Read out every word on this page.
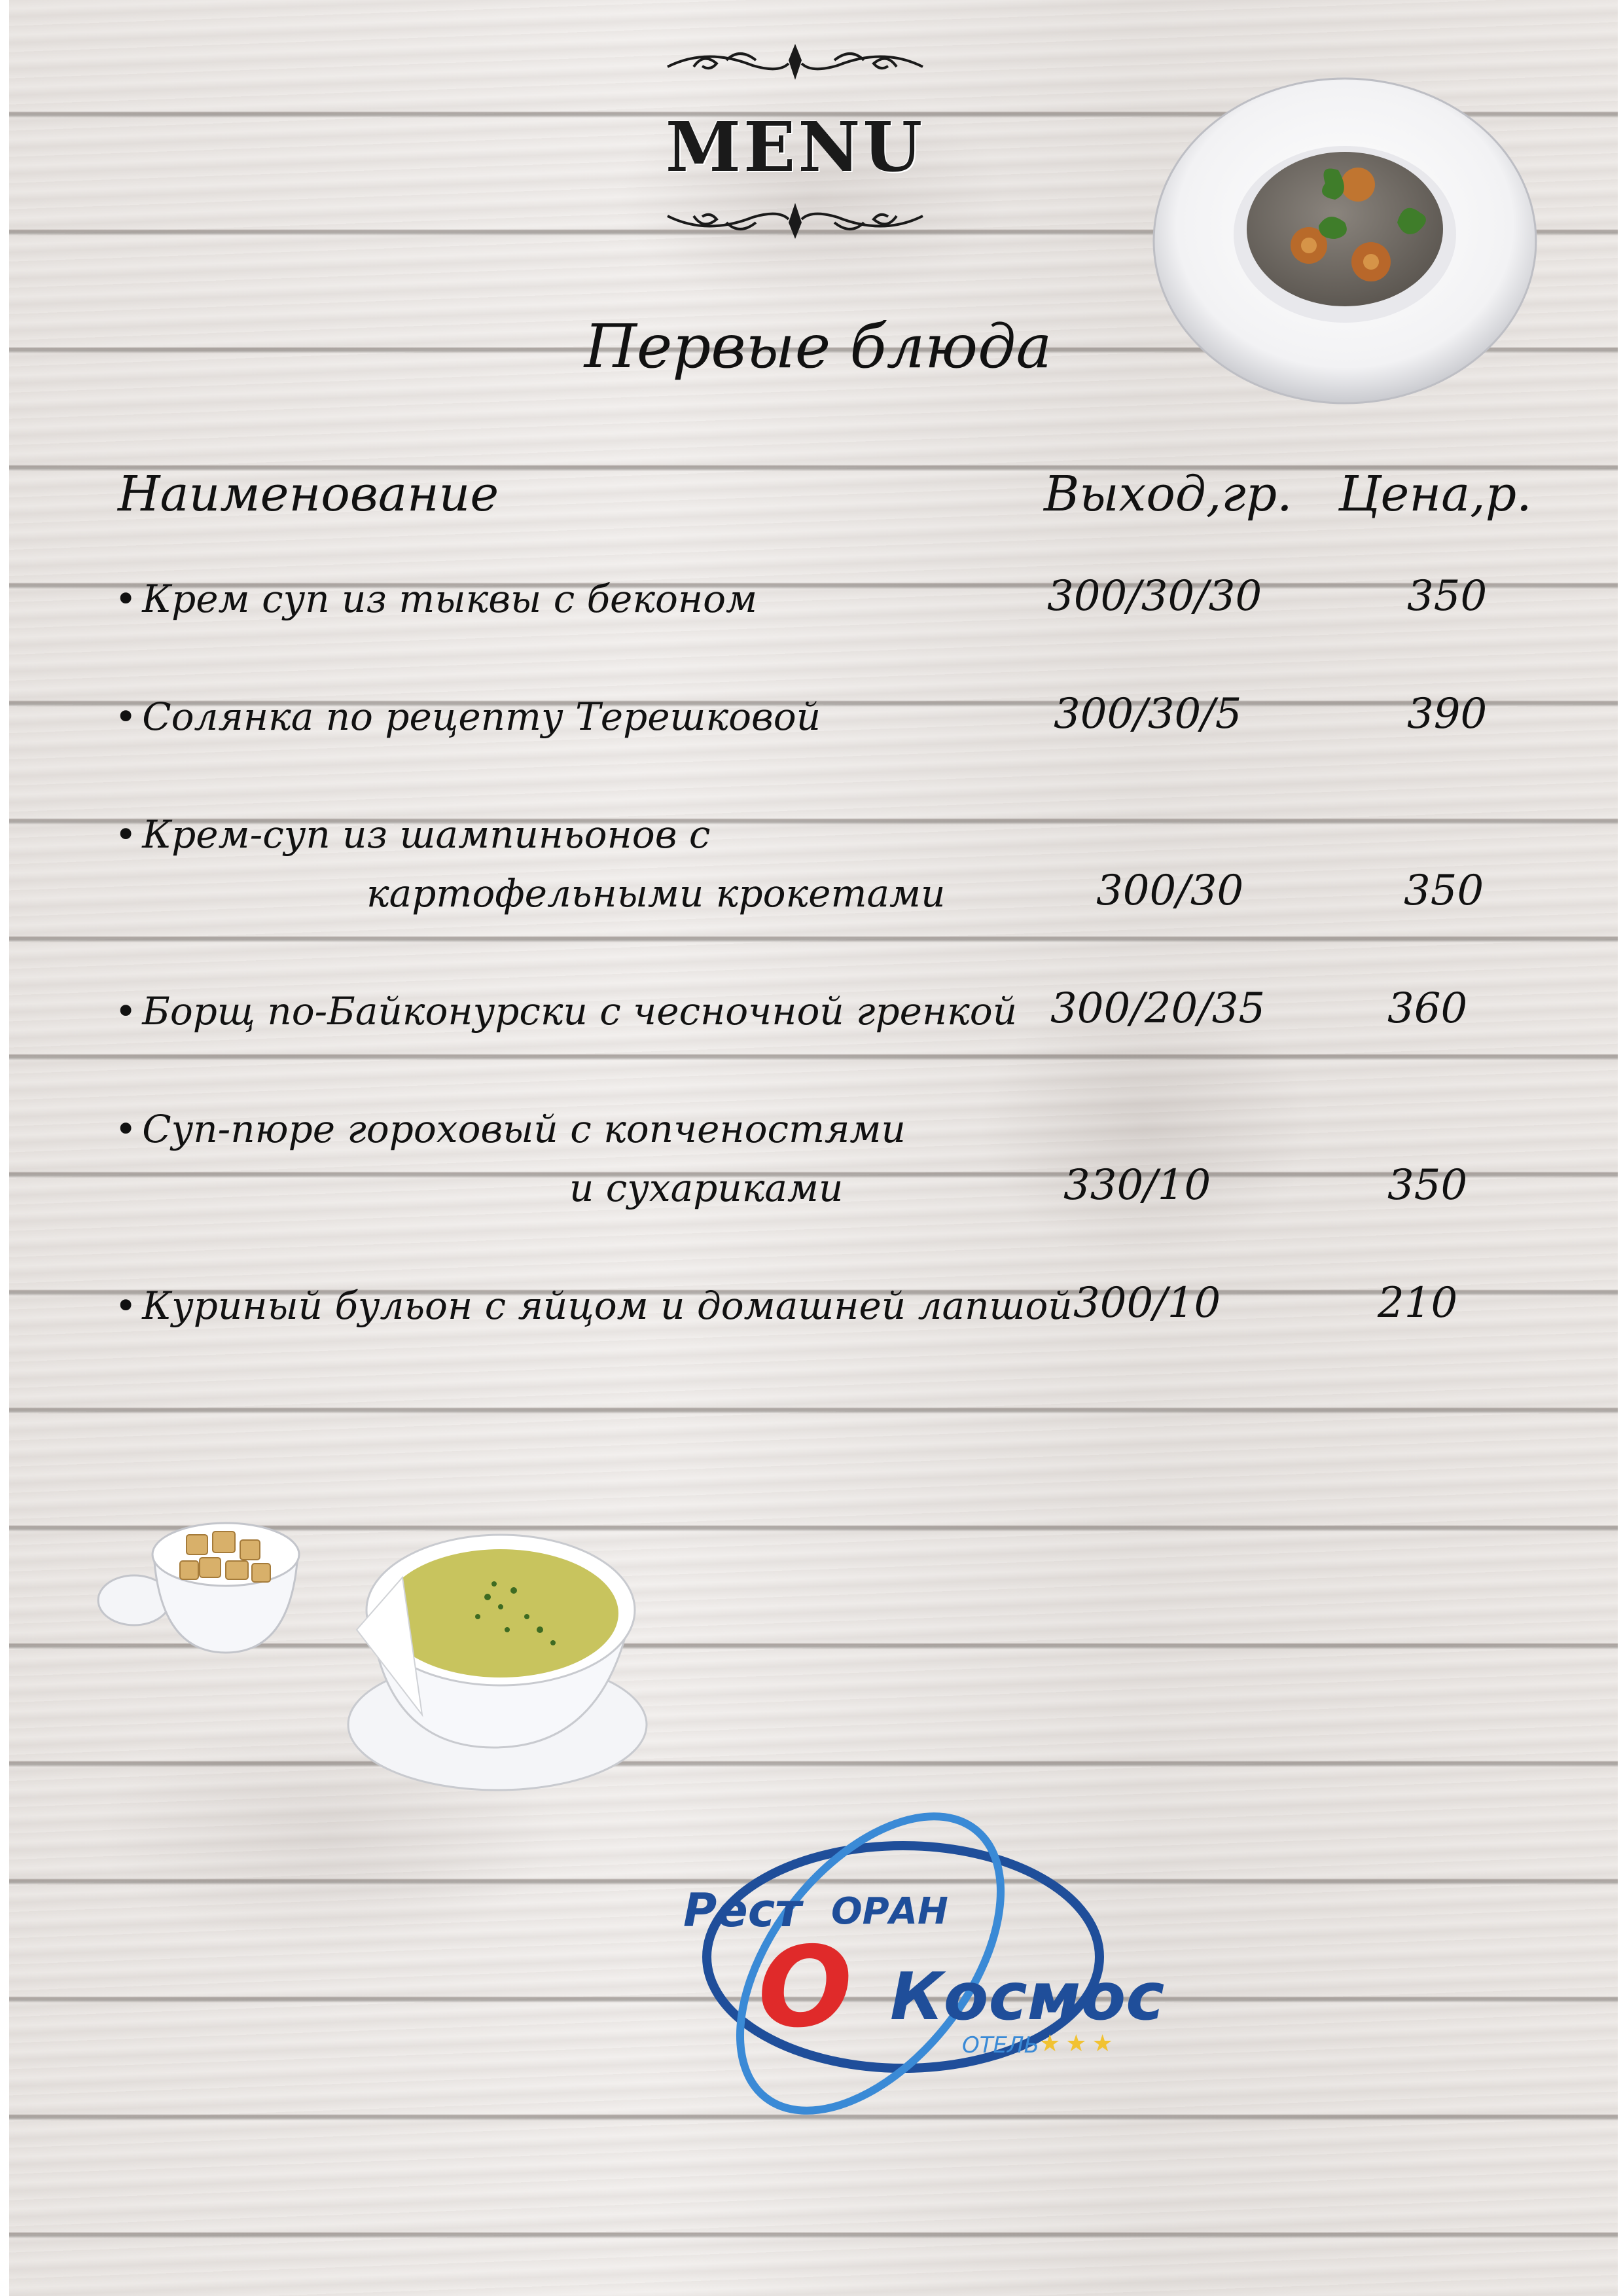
MENU
Первые блюда
Наименование	Выход,гр. Цена,р.
• Крем суп из тыквы с беконом	300/30/30	350
• Солянка по рецепту Терешковой	300/30/5	390
• Крем-суп из шампиньонов с
картофельными крокетами	300/30	350
• Борщ по-Байконурски с чесночной гренкой 300/20/35	360
• Суп-пюре гороховый с копченостями
и сухариками	330/10	350
• Куриный бульон с яйцом и домашней лапшой 300/10	210
Рест ОРАН
О Космос
ОТЕЛЬ ★★★
